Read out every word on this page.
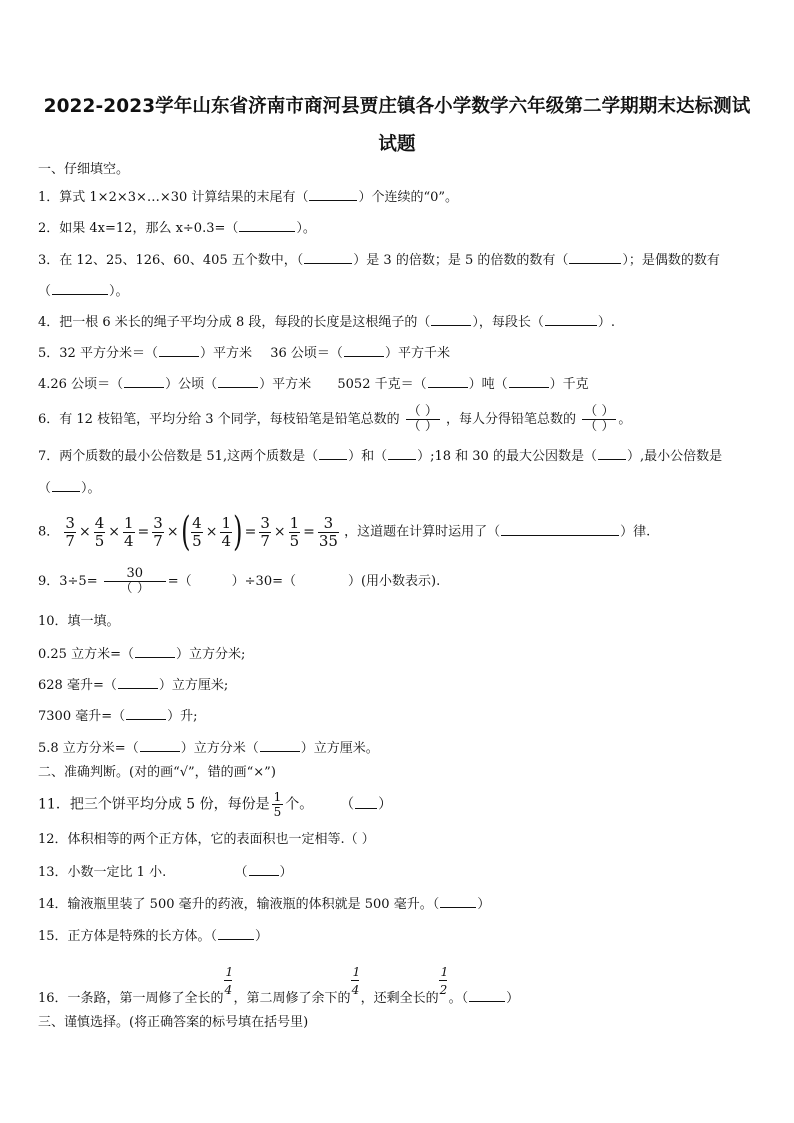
2022-2023学年山东省济南市商河县贾庄镇各小学数学六年级第二学期期末达标测试
试题
一、仔细填空。
1．算式 1×2×3×…×30 计算结果的末尾有（	）个连续的“0”。
2．如果 4x=12，那么 x÷0.3=（	）。
3．在 12、25、126、60、405 五个数中，（	）是 3 的倍数；是 5 的倍数的数有（	）；是偶数的数有
（	）。
4．把一根 6 米长的绳子平均分成 8 段，每段的长度是这根绳子的（	），每段长（	）.
5．32 平方分米＝（	）平方米 36 公顷＝（	）平方千米
4.26 公顷＝（	）公顷（	）平方米 5052 千克＝（	）吨（	）千克
6．有 12 枝铅笔，平均分给 3 个同学，每枝铅笔是铅笔总数的 $\frac{( )}{( )}$ ，每人分得铅笔总数的 $\frac{( )}{( )}$ 。
7．两个质数的最小公倍数是 51,这两个质数是（ ）和（ ）;18 和 30 的最大公因数是（ ）,最小公倍数是
（ ）。
8． $\frac{3}{7} \times \frac{4}{5} \times \frac{1}{4} = \frac{3}{7}$ ×( $\frac{4}{5} \times \frac{1}{4}$ ) = $\frac{3}{7} \times \frac{1}{5} = \frac{3}{35}$ ，这道题在计算时运用了（	）律.
9．$3\div 5= \frac{30}{( )}$ =（	）÷30=（	）(用小数表示).
10．填一填。
0.25 立方米=（	）立方分米;
628 毫升=（	）立方厘米;
7300 毫升=（	）升;
5.8 立方分米=（	）立方分米（	）立方厘米。
二、准确判断。(对的画“√”，错的画“×”)
11．把三个饼平均分成 5 份，每份是 $\frac{1}{5}$ 个。 （ ）
12．体积相等的两个正方体，它的表面积也一定相等.（ ）
13．小数一定比 1 小.	（ ）
14．输液瓶里装了 500 毫升的药液，输液瓶的体积就是 500 毫升。（	）
15．正方体是特殊的长方体。（	）
16．一条路，第一周修了全长的 $\frac{1}{4}$ ，第二周修了余下的 $\frac{1}{4}$ ，还剩全长的 $\frac{1}{2}$ 。（	）
三、谨慎选择。(将正确答案的标号填在括号里)
